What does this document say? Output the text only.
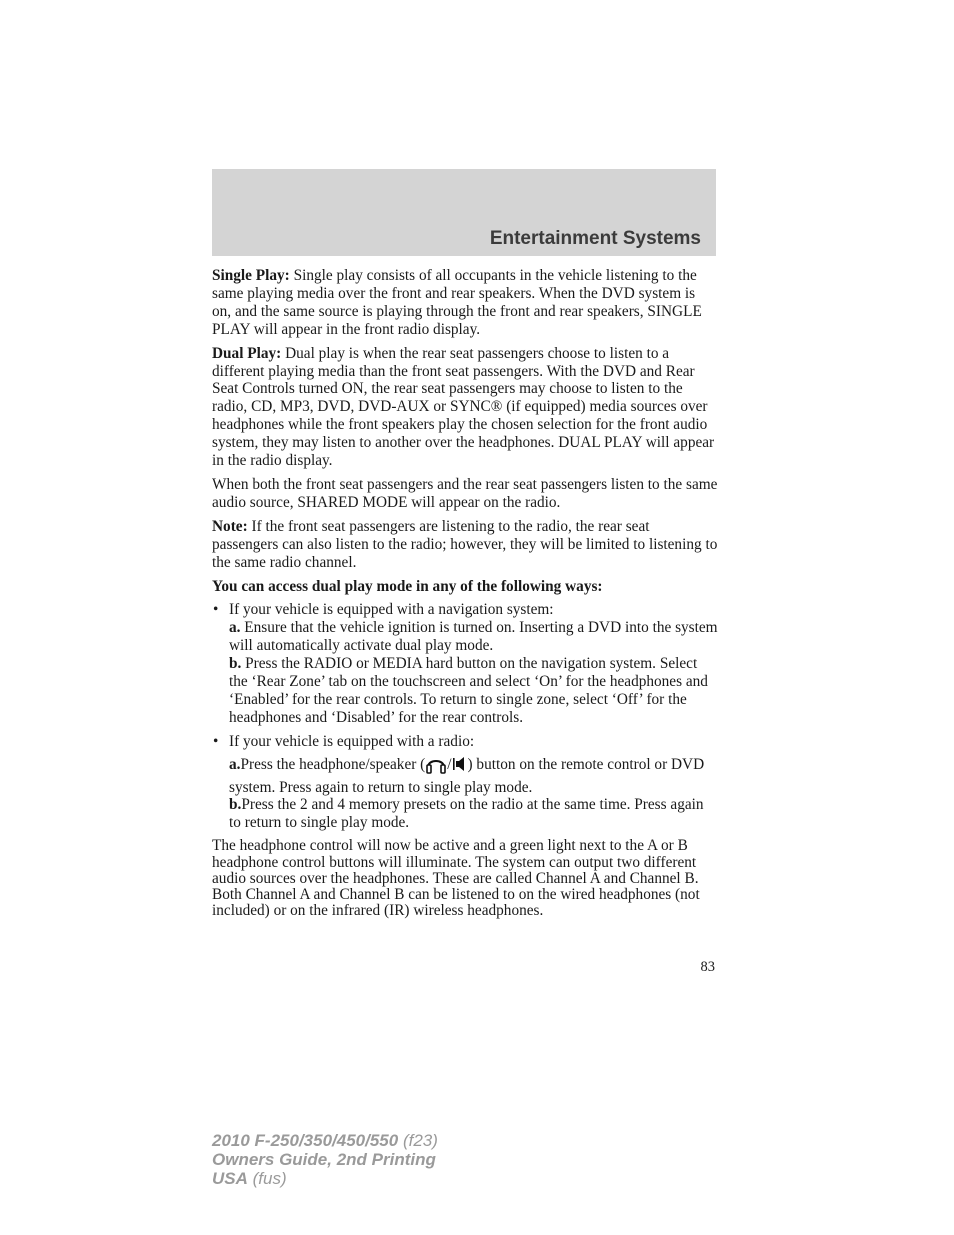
Entertainment Systems

Single Play: Single play consists of all occupants in the vehicle listening to the same playing media over the front and rear speakers. When the DVD system is on, and the same source is playing through the front and rear speakers, SINGLE PLAY will appear in the front radio display.

Dual Play: Dual play is when the rear seat passengers choose to listen to a different playing media than the front seat passengers. With the DVD and Rear Seat Controls turned ON, the rear seat passengers may choose to listen to the radio, CD, MP3, DVD, DVD-AUX or SYNC® (if equipped) media sources over headphones while the front speakers play the chosen selection for the front audio system, they may listen to another over the headphones. DUAL PLAY will appear in the radio display.

When both the front seat passengers and the rear seat passengers listen to the same audio source, SHARED MODE will appear on the radio.

Note: If the front seat passengers are listening to the radio, the rear seat passengers can also listen to the radio; however, they will be limited to listening to the same radio channel.

You can access dual play mode in any of the following ways:

• If your vehicle is equipped with a navigation system:
a. Ensure that the vehicle ignition is turned on. Inserting a DVD into the system will automatically activate dual play mode.
b. Press the RADIO or MEDIA hard button on the navigation system. Select the ‘Rear Zone’ tab on the touchscreen and select ‘On’ for the headphones and ‘Enabled’ for the rear controls. To return to single zone, select ‘Off’ for the headphones and ‘Disabled’ for the rear controls.
• If your vehicle is equipped with a radio:
a.Press the headphone/speaker ( / ) button on the remote control or DVD system. Press again to return to single play mode.
b.Press the 2 and 4 memory presets on the radio at the same time. Press again to return to single play mode.

The headphone control will now be active and a green light next to the A or B headphone control buttons will illuminate. The system can output two different audio sources over the headphones. These are called Channel A and Channel B. Both Channel A and Channel B can be listened to on the wired headphones (not included) or on the infrared (IR) wireless headphones.

83
2010 F-250/350/450/550 (f23)
Owners Guide, 2nd Printing
USA (fus)
